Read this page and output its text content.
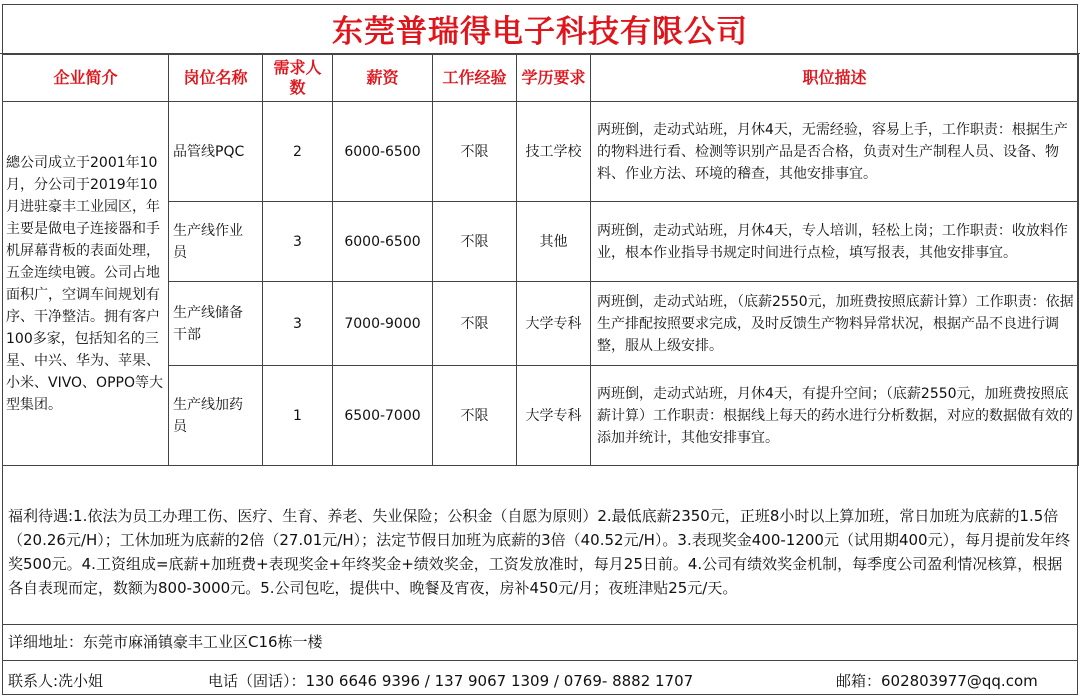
东莞普瑞得电子科技有限公司
企业简介	岗位名称	需求人数	薪资	工作经验	学历要求	职位描述
總公司成立于2001年10月，分公司于2019年10月进驻豪丰工业园区，年主要是做电子连接器和手机屏幕背板的表面处理，五金连续电镀。公司占地面积广，空调车间规划有序、干净整洁。拥有客户100多家，包括知名的三星、中兴、华为、苹果、小米、VIVO、OPPO等大型集团。	品管线PQC	2	6000-6500	不限	技工学校	两班倒，走动式站班，月休4天，无需经验，容易上手，工作职责：根据生产的物料进行看、检测等识别产品是否合格，负责对生产制程人员、设备、物料、作业方法、环境的稽查，其他安排事宜。
	生产线作业员	3	6000-6500	不限	其他	两班倒，走动式站班，月休4天，专人培训，轻松上岗；工作职责：收放料作业，根本作业指导书规定时间进行点检，填写报表，其他安排事宜。
	生产线储备干部	3	7000-9000	不限	大学专科	两班倒，走动式站班，（底薪2550元，加班费按照底薪计算）工作职责：依据生产排配按照要求完成，及时反馈生产物料异常状况，根据产品不良进行调整，服从上级安排。
	生产线加药员	1	6500-7000	不限	大学专科	两班倒，走动式站班，月休4天，有提升空间；（底薪2550元，加班费按照底薪计算）工作职责：根据线上每天的药水进行分析数据，对应的数据做有效的添加并统计，其他安排事宜。
福利待遇:1.依法为员工办理工伤、医疗、生育、养老、失业保险；公积金（自愿为原则）2.最低底薪2350元，正班8小时以上算加班，常日加班为底薪的1.5倍（20.26元/H）；工休加班为底薪的2倍（27.01元/H）；法定节假日加班为底薪的3倍（40.52元/H）。3.表现奖金400-1200元（试用期400元），每月提前发年终奖500元。4.工资组成=底薪+加班费+表现奖金+年终奖金+绩效奖金，工资发放准时，每月25日前。4.公司有绩效奖金机制，每季度公司盈利情况核算，根据各自表现而定，数额为800-3000元。5.公司包吃，提供中、晚餐及宵夜，房补450元/月；夜班津贴25元/天。
详细地址：东莞市麻涌镇豪丰工业区C16栋一楼
联系人:冼小姐	电话（固话）：130 6646 9396 / 137 9067 1309 / 0769- 8882 1707	邮箱：602803977@qq.com
